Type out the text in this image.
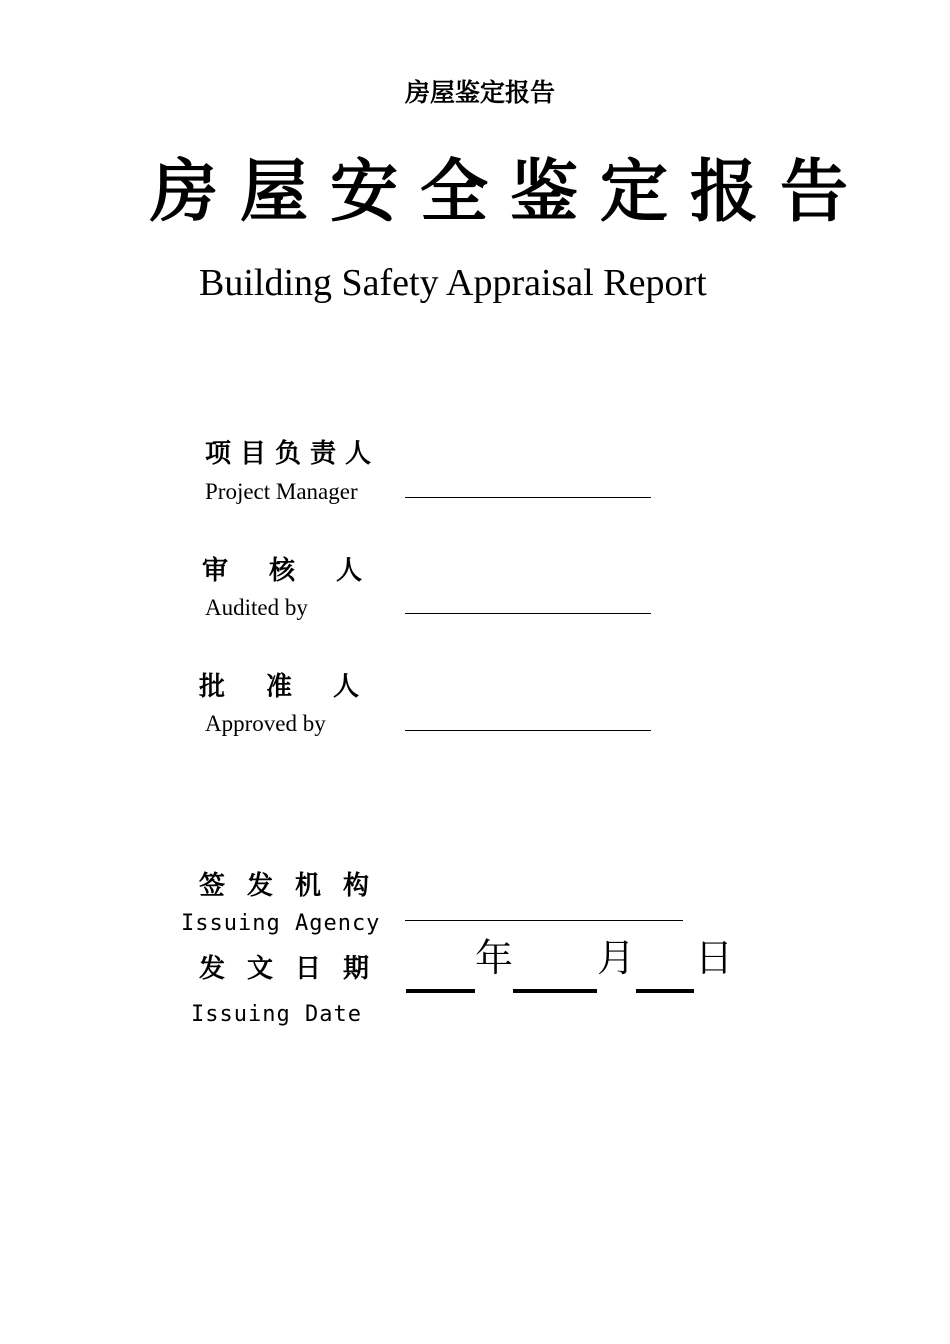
房屋鉴定报告
房屋安全鉴定报告
Building Safety Appraisal Report
项目负责人
Project Manager
审核人
Audited by
批准人
Approved by
签发机构
Issuing Agency
发文日期
Issuing Date
年 月 日
